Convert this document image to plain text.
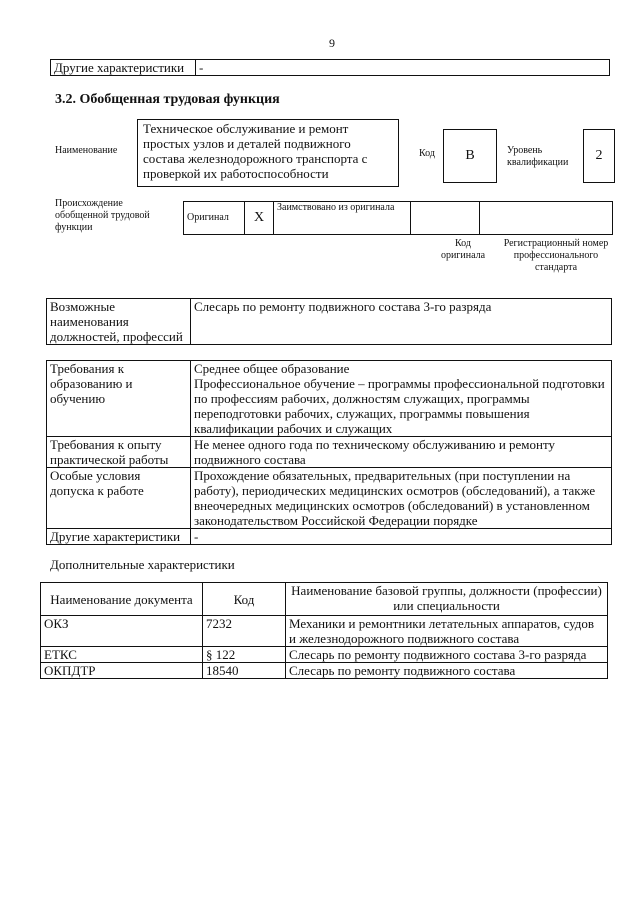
9
Другие характеристики	-
3.2. Обобщенная трудовая функция
Наименование
Техническое обслуживание и ремонт простых узлов и деталей подвижного состава железнодорожного транспорта с проверкой их работоспособности
Код	B	Уровень квалификации	2
Происхождение обобщенной трудовой функции
Оригинал	X	Заимствовано из оригинала		
Код оригинала
Регистрационный номер профессионального стандарта
Возможные наименования должностей, профессий	Слесарь по ремонту подвижного состава 3-го разряда
Требования к образованию и обучению	Среднее общее образование
Профессиональное обучение – программы профессиональной подготовки по профессиям рабочих, должностям служащих, программы переподготовки рабочих, служащих, программы повышения квалификации рабочих и служащих
Требования к опыту практической работы	Не менее одного года по техническому обслуживанию и ремонту подвижного состава
Особые условия допуска к работе	Прохождение обязательных, предварительных (при поступлении на работу), периодических медицинских осмотров (обследований), а также внеочередных медицинских осмотров (обследований) в установленном законодательством Российской Федерации порядке
Другие характеристики	-
Дополнительные характеристики
Наименование документа	Код	Наименование базовой группы, должности (профессии) или специальности
ОКЗ	7232	Механики и ремонтники летательных аппаратов, судов и железнодорожного подвижного состава
ЕТКС	§ 122	Слесарь по ремонту подвижного состава 3-го разряда
ОКПДТР	18540	Слесарь по ремонту подвижного состава
